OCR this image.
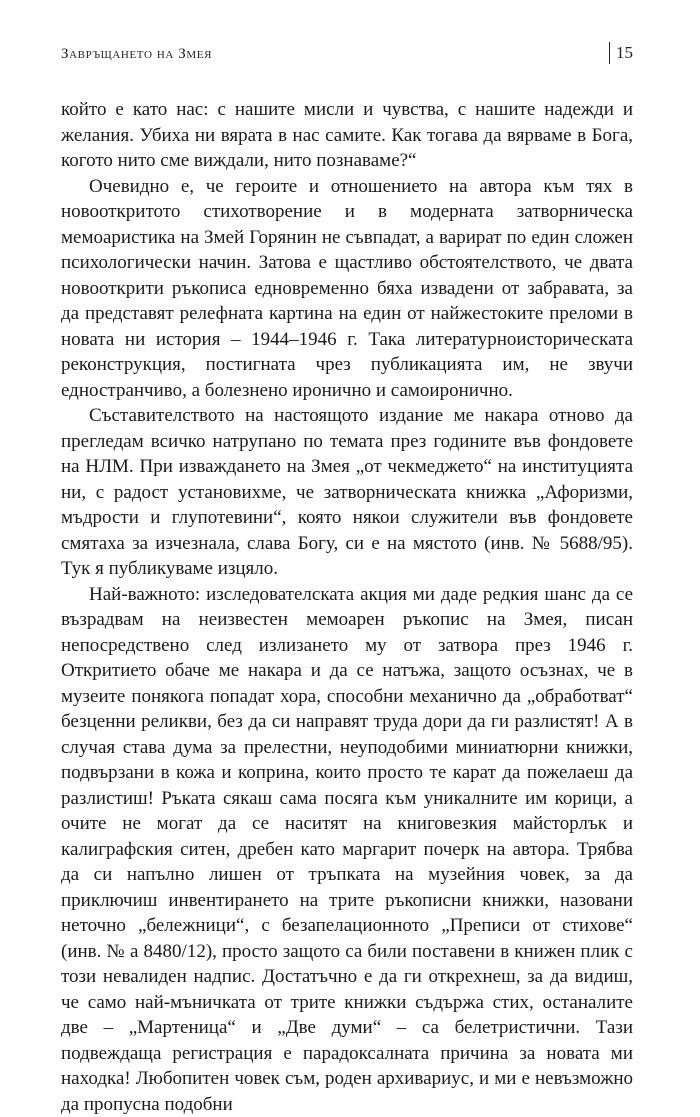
Завръщането на Змея	15

който е като нас: с нашите мисли и чувства, с нашите надежди и желания. Убиха ни вярата в нас самите. Как тогава да вярваме в Бога, когото нито сме виждали, нито познаваме?“

Очевидно е, че героите и отношението на автора към тях в новооткритото стихотворение и в модерната затворническа мемоаристика на Змей Горянин не съвпадат, а варират по един сложен психологически начин. Затова е щастливо обстоятелството, че двата новооткрити ръкописа едновременно бяха извадени от забравата, за да представят релефната картина на един от найжестоките преломи в новата ни история – 1944–1946 г. Така литературноисторическата реконструкция, постигната чрез публикацията им, не звучи едностранчиво, а болезнено иронично и самоиронично.

Съставителството на настоящото издание ме накара отново да прегледам всичко натрупано по темата през годините във фондовете на НЛМ. При изваждането на Змея „от чекмеджето“ на институцията ни, с радост установихме, че затворническата книжка „Афоризми, мъдрости и глупотевини“, която някои служители във фондовете смятаха за изчезнала, слава Богу, си е на мястото (инв. № 5688/95). Тук я публикуваме изцяло.

Най-важното: изследователската акция ми даде редкия шанс да се възрадвам на неизвестен мемоарен ръкопис на Змея, писан непосредствено след излизането му от затвора през 1946 г. Откритието обаче ме накара и да се натъжа, защото осъзнах, че в музеите понякога попадат хора, способни механично да „обработват“ безценни реликви, без да си направят труда дори да ги разлистят! А в случая става дума за прелестни, неуподобими миниатюрни книжки, подвързани в кожа и коприна, които просто те карат да пожелаеш да разлистиш! Ръката сякаш сама посяга към уникалните им корици, а очите не могат да се наситят на книговезкия майсторлък и калиграфския ситен, дребен като маргарит почерк на автора. Трябва да си напълно лишен от тръпката на музейния човек, за да приключиш инвентирането на трите ръкописни книжки, назовани неточно „бележници“, с безапелационното „Преписи от стихове“ (инв. № а 8480/12), просто защото са били поставени в книжен плик с този невалиден надпис. Достатъчно е да ги открехнеш, за да видиш, че само най-мъничката от трите книжки съдържа стих, останалите две – „Мартеница“ и „Две думи“ – са белетристични. Тази подвеждаща регистрация е парадоксалната причина за новата ми находка! Любопитен човек съм, роден архивариус, и ми е невъзможно да пропусна подобни
